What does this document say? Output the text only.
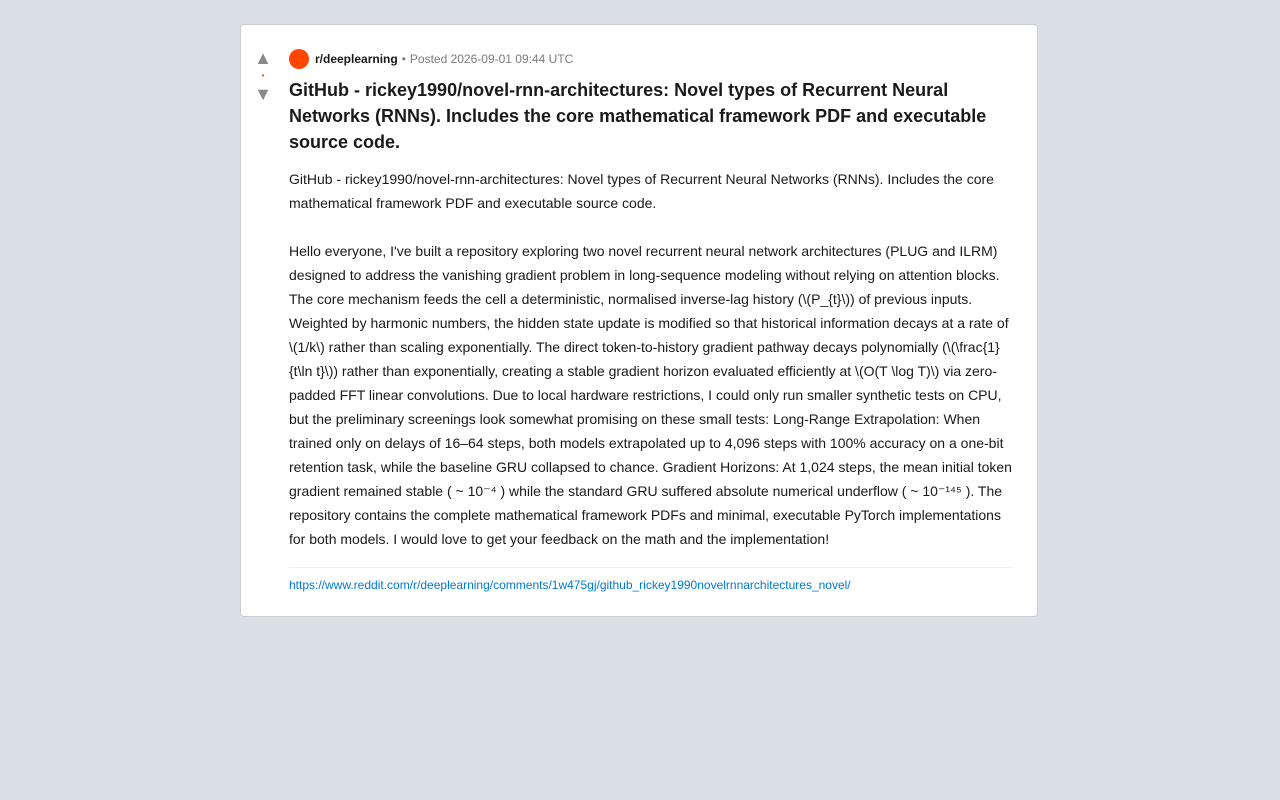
▲
•
▼
r/deeplearning • Posted 2026-09-01 09:44 UTC
GitHub - rickey1990/novel-rnn-architectures: Novel types of Recurrent Neural Networks (RNNs). Includes the core mathematical framework PDF and executable source code.

GitHub - rickey1990/novel-rnn-architectures: Novel types of Recurrent Neural Networks (RNNs). Includes the core mathematical framework PDF and executable source code.

Hello everyone, I've built a repository exploring two novel recurrent neural network architectures (PLUG and ILRM) designed to address the vanishing gradient problem in long-sequence modeling without relying on attention blocks. The core mechanism feeds the cell a deterministic, normalised inverse-lag history (\(P_{t}\)) of previous inputs. Weighted by harmonic numbers, the hidden state update is modified so that historical information decays at a rate of \(1/k\) rather than scaling exponentially. The direct token-to-history gradient pathway decays polynomially (\(\frac{1}{t\ln t}\)) rather than exponentially, creating a stable gradient horizon evaluated efficiently at \(O(T \log T)\) via zero-padded FFT linear convolutions. Due to local hardware restrictions, I could only run smaller synthetic tests on CPU, but the preliminary screenings look somewhat promising on these small tests: Long-Range Extrapolation: When trained only on delays of 16–64 steps, both models extrapolated up to 4,096 steps with 100% accuracy on a one-bit retention task, while the baseline GRU collapsed to chance. Gradient Horizons: At 1,024 steps, the mean initial token gradient remained stable ( ~ 10⁻⁴ ) while the standard GRU suffered absolute numerical underflow ( ~ 10⁻¹⁴⁵ ). The repository contains the complete mathematical framework PDFs and minimal, executable PyTorch implementations for both models. I would love to get your feedback on the math and the implementation!

https://www.reddit.com/r/deeplearning/comments/1w475gj/github_rickey1990novelrnnarchitectures_novel/
